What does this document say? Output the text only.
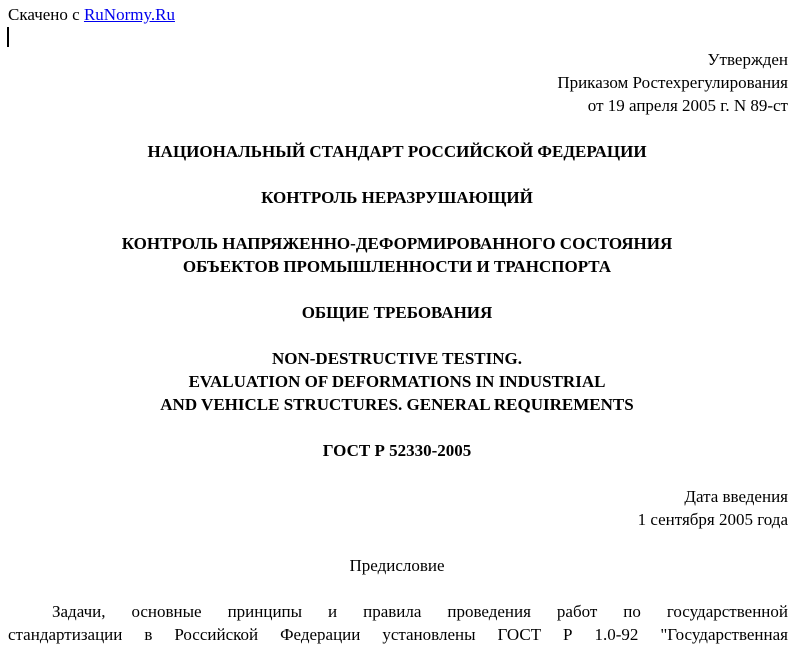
Скачено с RuNormy.Ru
Утвержден
Приказом Ростехрегулирования
от 19 апреля 2005 г. N 89-ст
НАЦИОНАЛЬНЫЙ СТАНДАРТ РОССИЙСКОЙ ФЕДЕРАЦИИ
КОНТРОЛЬ НЕРАЗРУШАЮЩИЙ
КОНТРОЛЬ НАПРЯЖЕННО-ДЕФОРМИРОВАННОГО СОСТОЯНИЯ
ОБЪЕКТОВ ПРОМЫШЛЕННОСТИ И ТРАНСПОРТА
ОБЩИЕ ТРЕБОВАНИЯ
NON-DESTRUCTIVE TESTING.
EVALUATION OF DEFORMATIONS IN INDUSTRIAL
AND VEHICLE STRUCTURES. GENERAL REQUIREMENTS
ГОСТ Р 52330-2005
Дата введения
1 сентября 2005 года
Предисловие
Задачи, основные принципы и правила проведения работ по государственной
стандартизации в Российской Федерации установлены ГОСТ Р 1.0-92 "Государственная
